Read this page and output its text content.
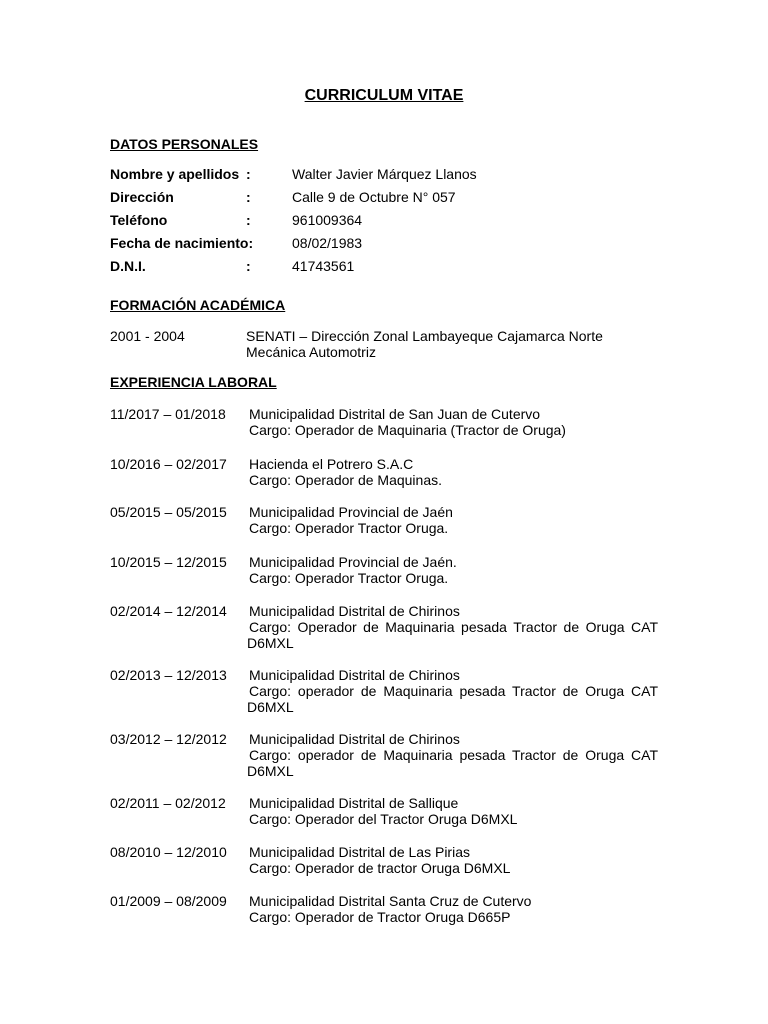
CURRICULUM VITAE
DATOS PERSONALES
Nombre y apellidos :	Walter Javier Márquez Llanos
Dirección	:	Calle 9 de Octubre N° 057
Teléfono	:	961009364
Fecha de nacimiento:	08/02/1983
D.N.I.	:	41743561
FORMACIÓN ACADÉMICA
2001 - 2004	SENATI – Dirección Zonal Lambayeque Cajamarca Norte
Mecánica Automotriz
EXPERIENCIA LABORAL
11/2017 – 01/2018 Municipalidad Distrital de San Juan de Cutervo
Cargo: Operador de Maquinaria (Tractor de Oruga)
10/2016 – 02/2017 Hacienda el Potrero S.A.C
Cargo: Operador de Maquinas.
05/2015 – 05/2015 Municipalidad Provincial de Jaén
Cargo: Operador Tractor Oruga.
10/2015 – 12/2015 Municipalidad Provincial de Jaén.
Cargo: Operador Tractor Oruga.
02/2014 – 12/2014 Municipalidad Distrital de Chirinos
Cargo: Operador de Maquinaria pesada Tractor de Oruga CAT D6MXL
02/2013 – 12/2013 Municipalidad Distrital de Chirinos
Cargo: operador de Maquinaria pesada Tractor de Oruga CAT D6MXL
03/2012 – 12/2012 Municipalidad Distrital de Chirinos
Cargo: operador de Maquinaria pesada Tractor de Oruga CAT D6MXL
02/2011 – 02/2012 Municipalidad Distrital de Sallique
Cargo: Operador del Tractor Oruga D6MXL
08/2010 – 12/2010 Municipalidad Distrital de Las Pirias
Cargo: Operador de tractor Oruga D6MXL
01/2009 – 08/2009 Municipalidad Distrital Santa Cruz de Cutervo
Cargo: Operador de Tractor Oruga D665P
